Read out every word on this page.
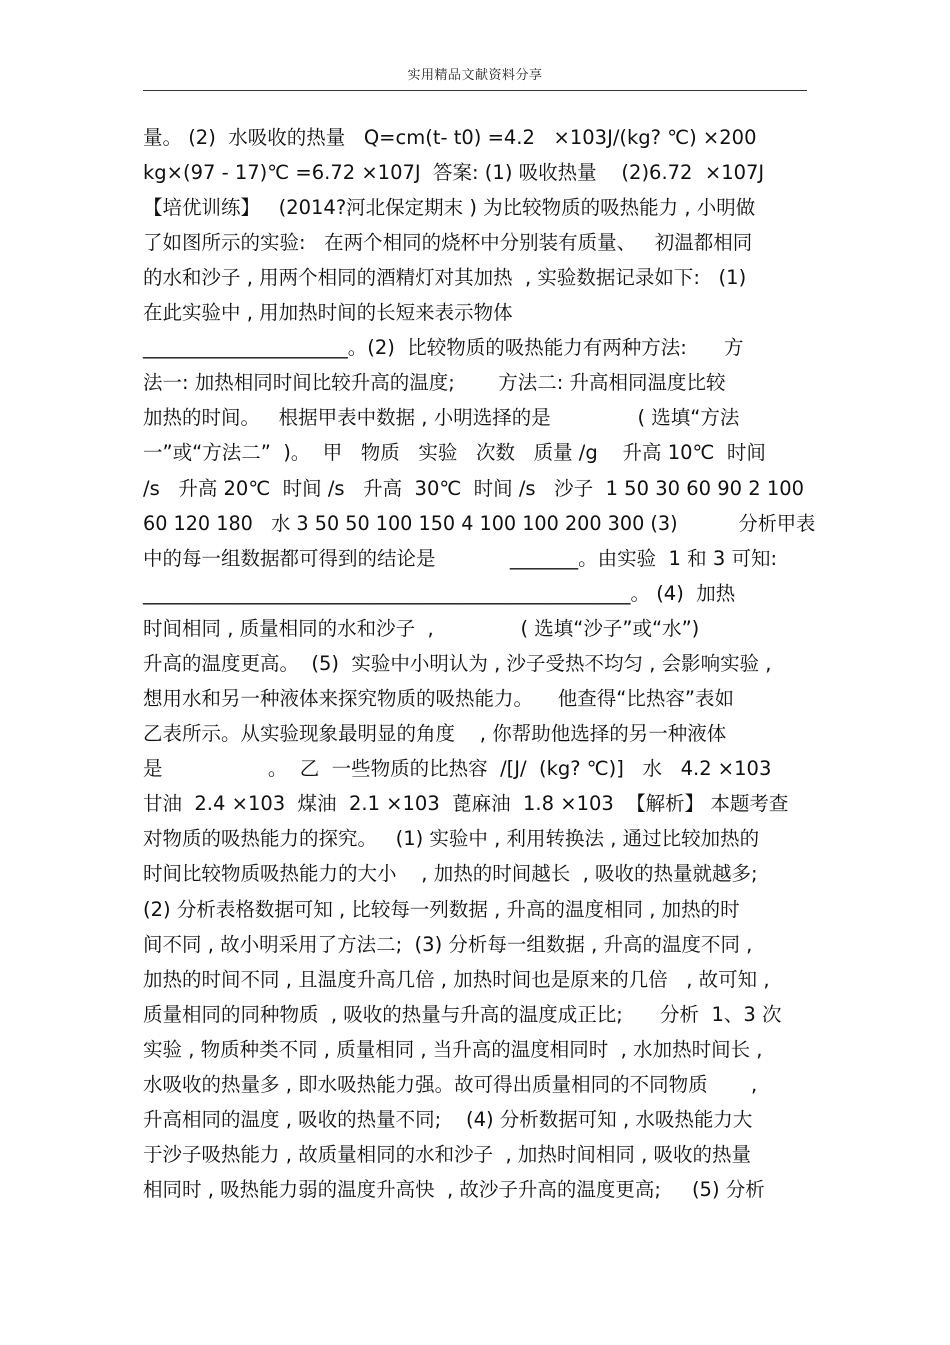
实用精品文献资料分享
量。 (2)  水吸收的热量   Q=cm(t- t0) =4.2   ×103J/(kg? ℃) ×200
kg×(97 - 17)℃ =6.72 ×107J  答案: (1) 吸收热量    (2)6.72  ×107J
【培优训练】   (2014?河北保定期末 ) 为比较物质的吸热能力 , 小明做
了如图所示的实验:   在两个相同的烧杯中分别装有质量、   初温都相同
的水和沙子 , 用两个相同的酒精灯对其加热  , 实验数据记录如下:   (1)
在此实验中 , 用加热时间的长短来表示物体
_____________________。(2)  比较物质的吸热能力有两种方法:      方
法一: 加热相同时间比较升高的温度;       方法二: 升高相同温度比较
加热的时间。   根据甲表中数据 , 小明选择的是              ( 选填“方法
一”或“方法二”  )。  甲   物质   实验   次数   质量 /g    升高 10℃  时间
/s   升高 20℃  时间 /s   升高  30℃  时间 /s   沙子  1 50 30 60 90 2 100
60 120 180   水 3 50 50 100 150 4 100 100 200 300 (3)          分析甲表
中的每一组数据都可得到的结论是            _______。由实验  1 和 3 可知:
__________________________________________________。 (4)  加热
时间相同 , 质量相同的水和沙子  ,              ( 选填“沙子”或“水”)
升高的温度更高。  (5)  实验中小明认为 , 沙子受热不均匀 , 会影响实验 ,
想用水和另一种液体来探究物质的吸热能力。    他查得“比热容”表如
乙表所示。从实验现象最明显的角度    , 你帮助他选择的另一种液体
是                 。  乙  一些物质的比热容  /[J/  (kg? ℃)]   水   4.2 ×103
甘油  2.4 ×103  煤油  2.1 ×103  蓖麻油  1.8 ×103  【解析】 本题考查
对物质的吸热能力的探究。   (1) 实验中 , 利用转换法 , 通过比较加热的
时间比较物质吸热能力的大小    , 加热的时间越长  , 吸收的热量就越多;
(2) 分析表格数据可知 , 比较每一列数据 , 升高的温度相同 , 加热的时
间不同 , 故小明采用了方法二;  (3) 分析每一组数据 , 升高的温度不同 ,
加热的时间不同 , 且温度升高几倍 , 加热时间也是原来的几倍   , 故可知 ,
质量相同的同种物质  , 吸收的热量与升高的温度成正比;      分析  1、3 次
实验 , 物质种类不同 , 质量相同 , 当升高的温度相同时  , 水加热时间长 ,
水吸收的热量多 , 即水吸热能力强。故可得出质量相同的不同物质       ,
升高相同的温度 , 吸收的热量不同;    (4) 分析数据可知 , 水吸热能力大
于沙子吸热能力 , 故质量相同的水和沙子  , 加热时间相同 , 吸收的热量
相同时 , 吸热能力弱的温度升高快  , 故沙子升高的温度更高;     (5) 分析
